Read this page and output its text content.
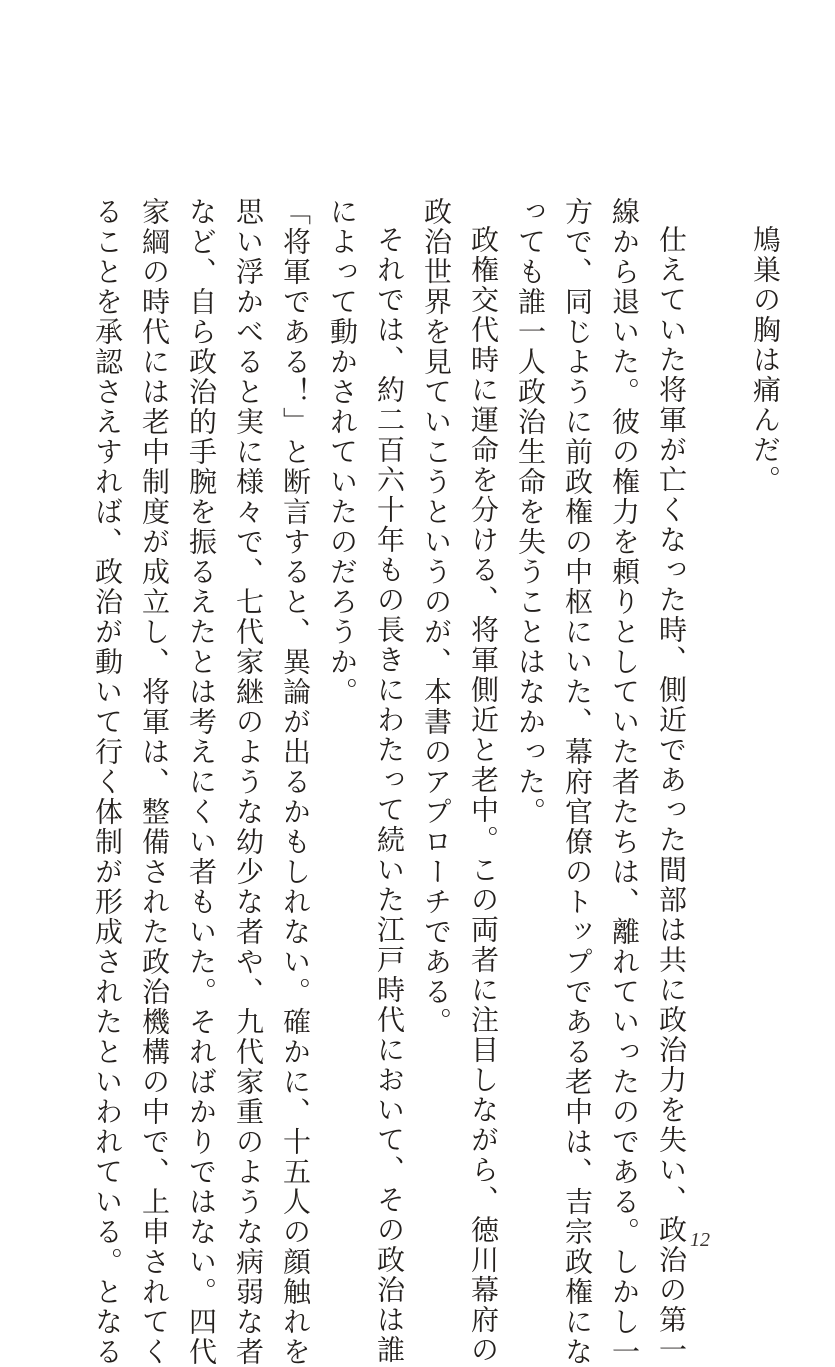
鳩巣の胸は痛んだ。

仕えていた将軍が亡くなった時、側近であった間部は共に政治力を失い、政治の第一
線から退いた。彼の権力を頼りとしていた者たちは、離れていったのである。しかし一
方で、同じように前政権の中枢にいた、幕府官僚のトップである老中は、吉宗政権にな
っても誰一人政治生命を失うことはなかった。
政権交代時に運命を分ける、将軍側近と老中。この両者に注目しながら、徳川幕府の
政治世界を見ていこうというのが、本書のアプローチである。
それでは、約二百六十年もの長きにわたって続いた江戸時代において、その政治は誰
によって動かされていたのだろうか。
「将軍である！」と断言すると、異論が出るかもしれない。確かに、十五人の顔触れを
思い浮かべると実に様々で、七代家継のような幼少な者や、九代家重のような病弱な者
など、自ら政治的手腕を振るえたとは考えにくい者もいた。そればかりではない。四代
家綱の時代には老中制度が成立し、将軍は、整備された政治機構の中で、上申されてく
ることを承認さえすれば、政治が動いて行く体制が形成されたといわれている。となる	12
